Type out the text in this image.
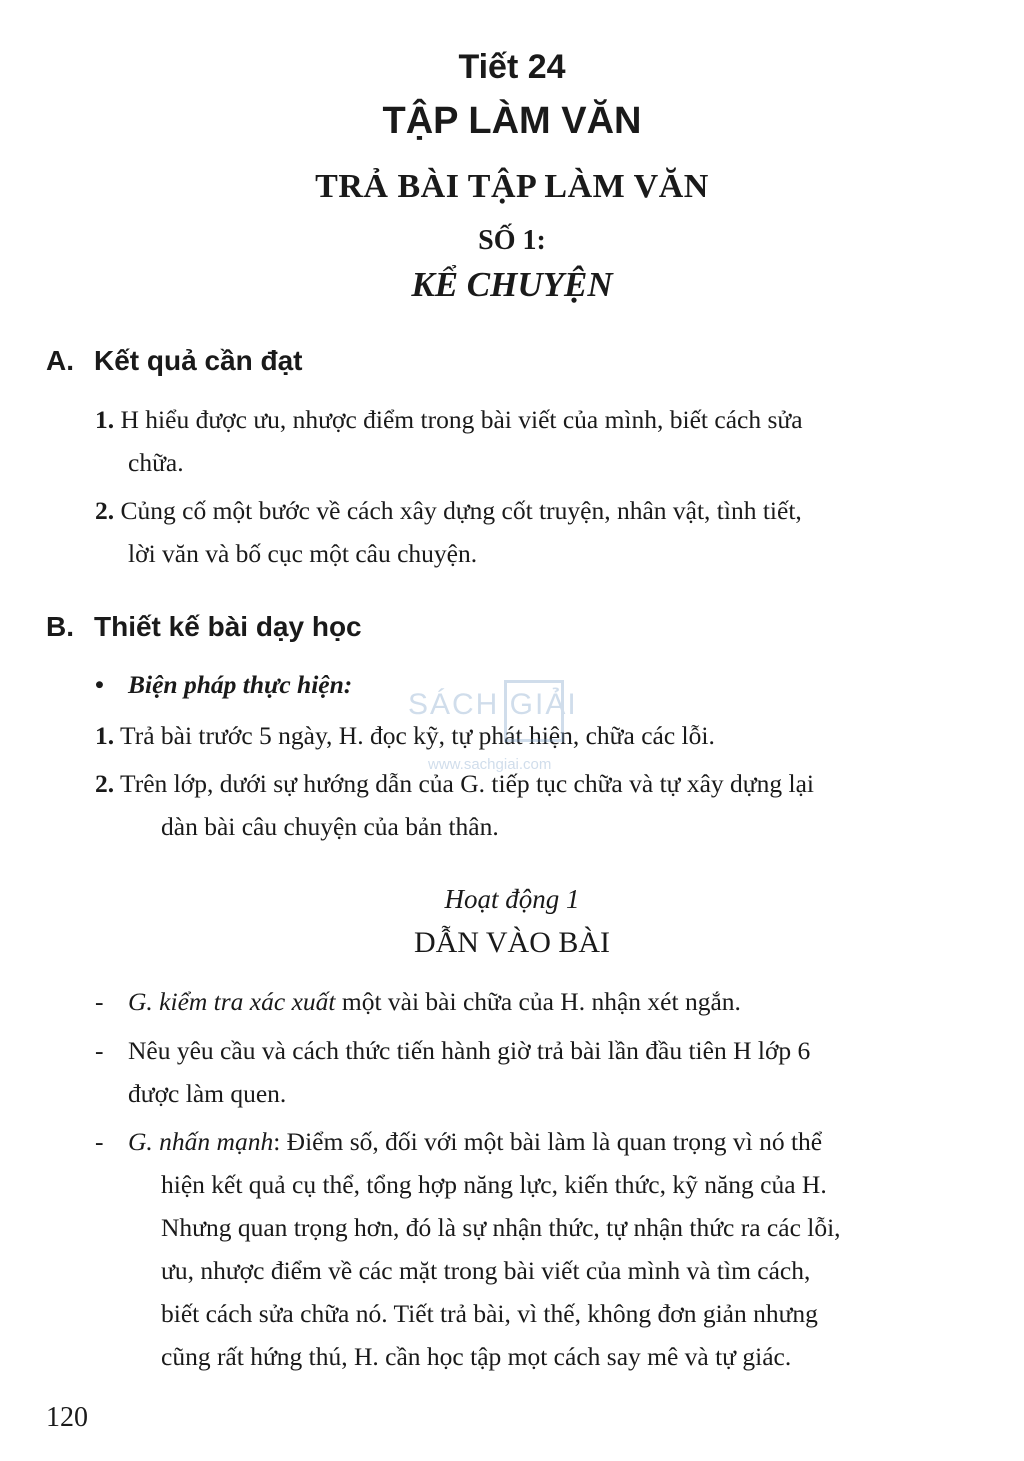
Tiết 24
TẬP LÀM VĂN
TRẢ BÀI TẬP LÀM VĂN
SỐ 1:
KỂ CHUYỆN
A. Kết quả cần đạt
1. H hiểu được ưu, nhược điểm trong bài viết của mình, biết cách sửa
chữa.
2. Củng cố một bước về cách xây dựng cốt truyện, nhân vật, tình tiết,
lời văn và bố cục một câu chuyện.
B. Thiết kế bài dạy học
• Biện pháp thực hiện:
1. Trả bài trước 5 ngày, H. đọc kỹ, tự phát hiện, chữa các lỗi.
2. Trên lớp, dưới sự hướng dẫn của G. tiếp tục chữa và tự xây dựng lại
dàn bài câu chuyện của bản thân.
SÁCH GIẢI
www.sachgiai.com
Hoạt động 1
DẪN VÀO BÀI
- G. kiểm tra xác xuất một vài bài chữa của H. nhận xét ngắn.
- Nêu yêu cầu và cách thức tiến hành giờ trả bài lần đầu tiên H lớp 6
được làm quen.
- G. nhấn mạnh: Điểm số, đối với một bài làm là quan trọng vì nó thể
hiện kết quả cụ thể, tổng hợp năng lực, kiến thức, kỹ năng của H.
Nhưng quan trọng hơn, đó là sự nhận thức, tự nhận thức ra các lỗi,
ưu, nhược điểm về các mặt trong bài viết của mình và tìm cách,
biết cách sửa chữa nó. Tiết trả bài, vì thế, không đơn giản nhưng
cũng rất hứng thú, H. cần học tập mọt cách say mê và tự giác.
120
